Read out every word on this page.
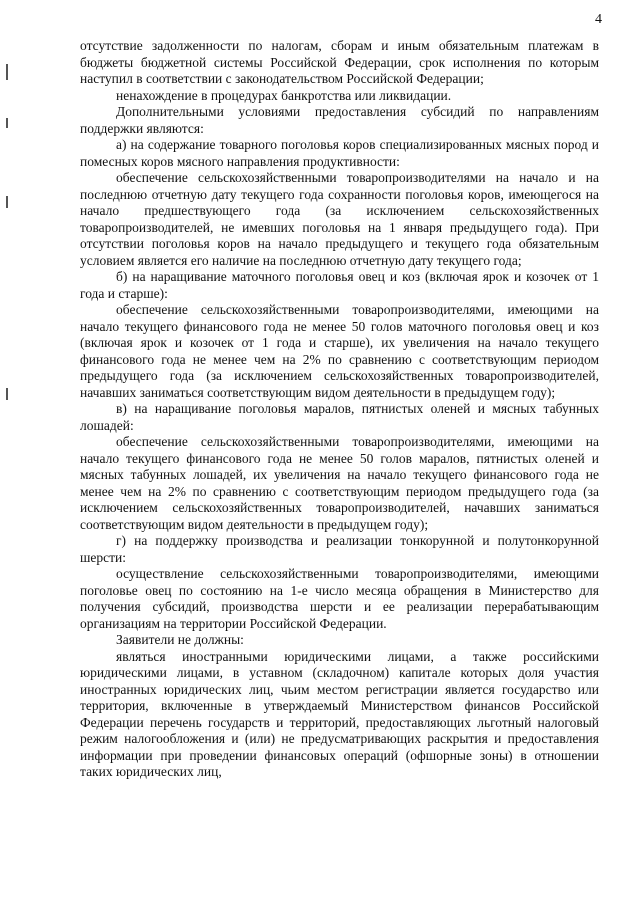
4

отсутствие задолженности по налогам, сборам и иным обязательным платежам в бюджеты бюджетной системы Российской Федерации, срок исполнения по которым наступил в соответствии с законодательством Российской Федерации;

ненахождение в процедурах банкротства или ликвидации.

Дополнительными условиями предоставления субсидий по направлениям поддержки являются:

а) на содержание товарного поголовья коров специализированных мясных пород и помесных коров мясного направления продуктивности:

обеспечение сельскохозяйственными товаропроизводителями на начало и на последнюю отчетную дату текущего года сохранности поголовья коров, имеющегося на начало предшествующего года (за исключением сельскохозяйственных товаропроизводителей, не имевших поголовья на 1 января предыдущего года). При отсутствии поголовья коров на начало предыдущего и текущего года обязательным условием является его наличие на последнюю отчетную дату текущего года;

б) на наращивание маточного поголовья овец и коз (включая ярок и козочек от 1 года и старше):

обеспечение сельскохозяйственными товаропроизводителями, имеющими на начало текущего финансового года не менее 50 голов маточного поголовья овец и коз (включая ярок и козочек от 1 года и старше), их увеличения на начало текущего финансового года не менее чем на 2% по сравнению с соответствующим периодом предыдущего года (за исключением сельскохозяйственных товаропроизводителей, начавших заниматься соответствующим видом деятельности в предыдущем году);

в) на наращивание поголовья маралов, пятнистых оленей и мясных табунных лошадей:

обеспечение сельскохозяйственными товаропроизводителями, имеющими на начало текущего финансового года не менее 50 голов маралов, пятнистых оленей и мясных табунных лошадей, их увеличения на начало текущего финансового года не менее чем на 2% по сравнению с соответствующим периодом предыдущего года (за исключением сельскохозяйственных товаропроизводителей, начавших заниматься соответствующим видом деятельности в предыдущем году);

г) на поддержку производства и реализации тонкорунной и полутонкорунной шерсти:

осуществление сельскохозяйственными товаропроизводителями, имеющими поголовье овец по состоянию на 1-е число месяца обращения в Министерство для получения субсидий, производства шерсти и ее реализации перерабатывающим организациям на территории Российской Федерации.

Заявители не должны:

являться иностранными юридическими лицами, а также российскими юридическими лицами, в уставном (складочном) капитале которых доля участия иностранных юридических лиц, чьим местом регистрации является государство или территория, включенные в утверждаемый Министерством финансов Российской Федерации перечень государств и территорий, предоставляющих льготный налоговый режим налогообложения и (или) не предусматривающих раскрытия и предоставления информации при проведении финансовых операций (офшорные зоны) в отношении таких юридических лиц,
